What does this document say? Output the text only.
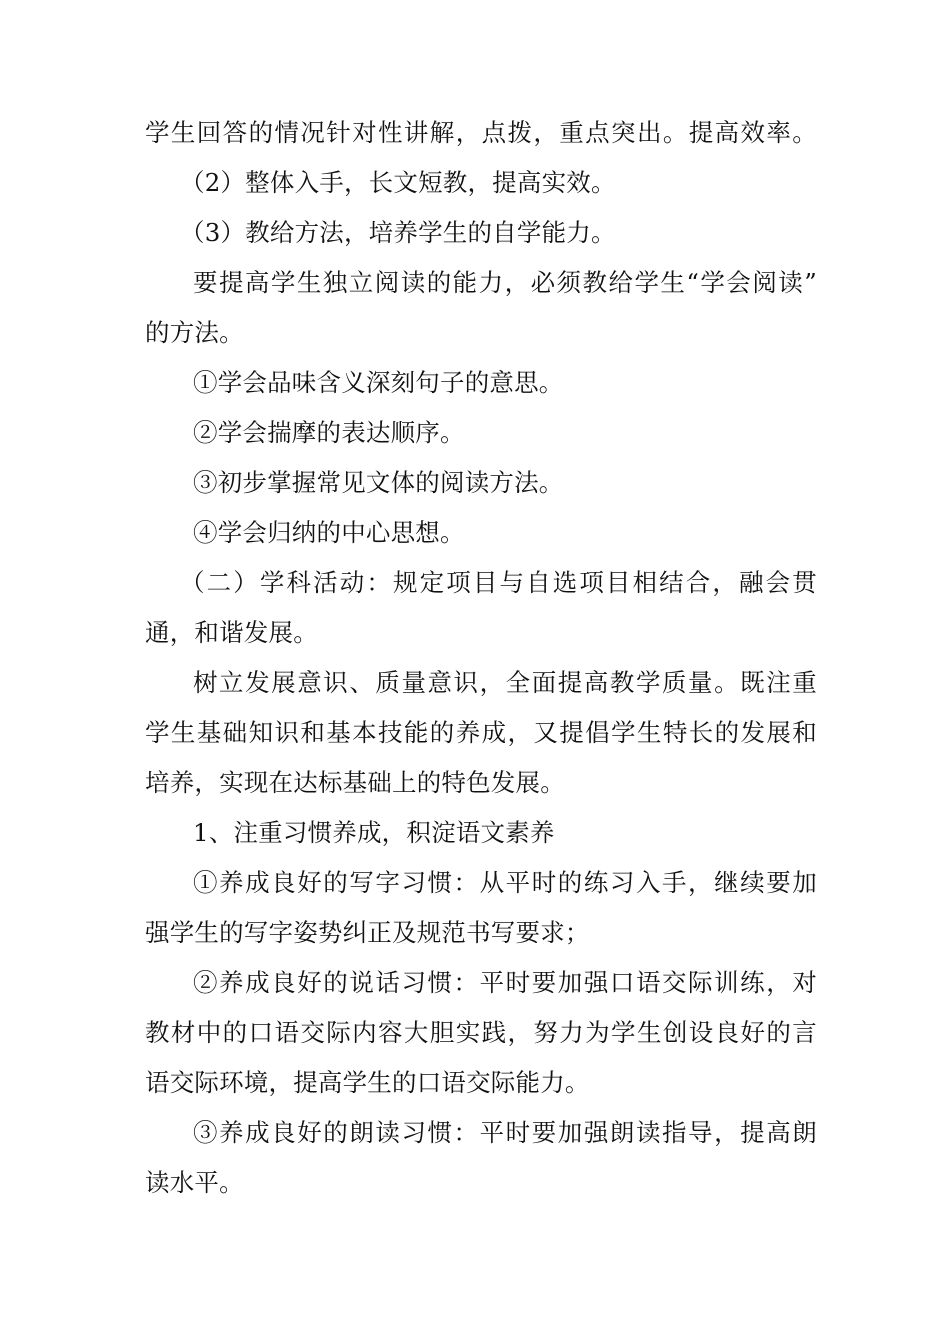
学生回答的情况针对性讲解，点拨，重点突出。提高效率。
（2）整体入手，长文短教，提高实效。
（3）教给方法，培养学生的自学能力。
要提高学生独立阅读的能力，必须教给学生“学会阅读”
的方法。
①学会品味含义深刻句子的意思。
②学会揣摩的表达顺序。
③初步掌握常见文体的阅读方法。
④学会归纳的中心思想。
（二）学科活动：规定项目与自选项目相结合，融会贯
通，和谐发展。
树立发展意识、质量意识，全面提高教学质量。既注重
学生基础知识和基本技能的养成，又提倡学生特长的发展和
培养，实现在达标基础上的特色发展。
1、注重习惯养成，积淀语文素养
①养成良好的写字习惯：从平时的练习入手，继续要加
强学生的写字姿势纠正及规范书写要求；
②养成良好的说话习惯：平时要加强口语交际训练，对
教材中的口语交际内容大胆实践，努力为学生创设良好的言
语交际环境，提高学生的口语交际能力。
③养成良好的朗读习惯：平时要加强朗读指导，提高朗
读水平。
